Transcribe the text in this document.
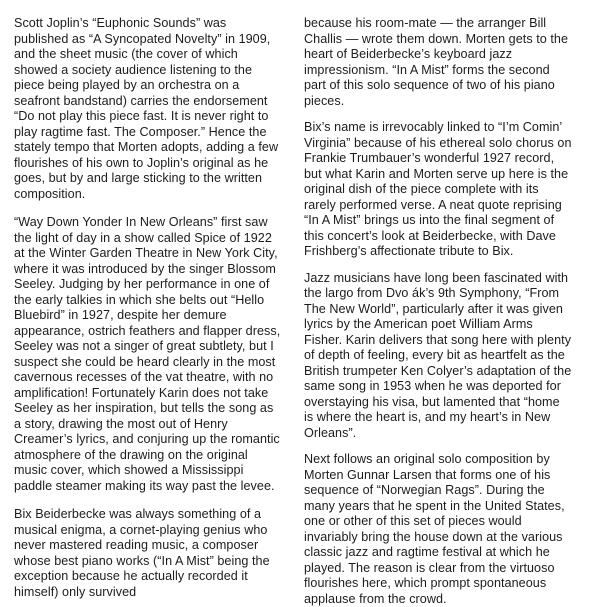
Scott Joplin’s “Euphonic Sounds” was published as “A Syncopated Novelty” in 1909, and the sheet music (the cover of which showed a society audience listening to the piece being played by an orchestra on a seafront bandstand) carries the endorsement “Do not play this piece fast. It is never right to play ragtime fast. The Composer.” Hence the stately tempo that Morten adopts, adding a few flourishes of his own to Joplin’s original as he goes, but by and large sticking to the written composition.

“Way Down Yonder In New Orleans” first saw the light of day in a show called Spice of 1922 at the Winter Garden Theatre in New York City, where it was introduced by the singer Blossom Seeley. Judging by her performance in one of the early talkies in which she belts out “Hello Bluebird” in 1927, despite her demure appearance, ostrich feathers and flapper dress, Seeley was not a singer of great subtlety, but I suspect she could be heard clearly in the most cavernous recesses of the vat theatre, with no amplification! Fortunately Karin does not take Seeley as her inspiration, but tells the song as a story, drawing the most out of Henry Creamer’s lyrics, and conjuring up the romantic atmosphere of the drawing on the original music cover, which showed a Mississippi paddle steamer making its way past the levee.

Bix Beiderbecke was always something of a musical enigma, a cornet-playing genius who never mastered reading music, a composer whose best piano works (“In A Mist” being the exception because he actually recorded it himself) only survived

because his room-mate — the arranger Bill Challis — wrote them down. Morten gets to the heart of Beiderbecke’s keyboard jazz impressionism. “In A Mist” forms the second part of this solo sequence of two of his piano pieces.

Bix’s name is irrevocably linked to “I’m Comin’ Virginia” because of his ethereal solo chorus on Frankie Trumbauer’s wonderful 1927 record, but what Karin and Morten serve up here is the original dish of the piece complete with its rarely performed verse. A neat quote reprising “In A Mist” brings us into the final segment of this concert’s look at Beiderbecke, with Dave Frishberg’s affectionate tribute to Bix.

Jazz musicians have long been fascinated with the largo from Dvo ák’s 9th Symphony, “From The New World”, particularly after it was given lyrics by the American poet William Arms Fisher. Karin delivers that song here with plenty of depth of feeling, every bit as heartfelt as the British trumpeter Ken Colyer’s adaptation of the same song in 1953 when he was deported for overstaying his visa, but lamented that “home is where the heart is, and my heart’s in New Orleans”.

Next follows an original solo composition by Morten Gunnar Larsen that forms one of his sequence of “Norwegian Rags”. During the many years that he spent in the United States, one or other of this set of pieces would invariably bring the house down at the various classic jazz and ragtime festival at which he played. The reason is clear from the virtuoso flourishes here, which prompt spontaneous applause from the crowd.
